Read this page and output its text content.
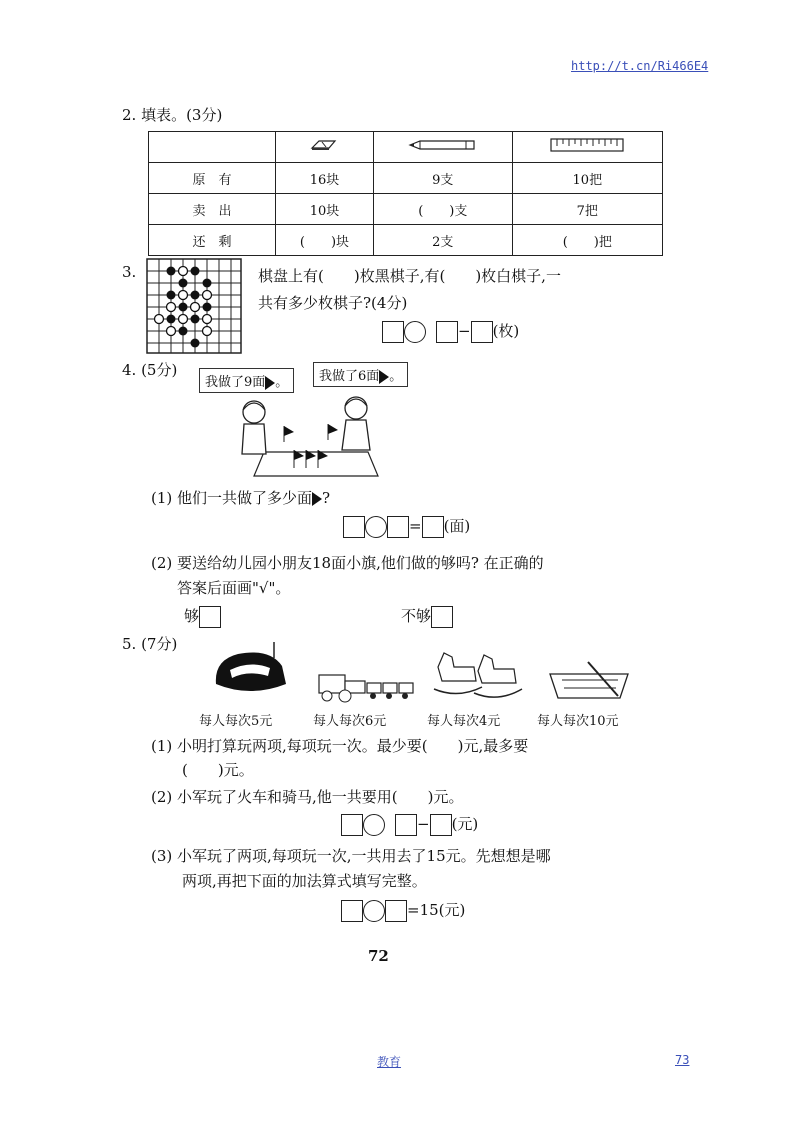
http://t.cn/Ri466E4
2. 填表。(3分)

原　有	16块	9支	10把
卖　出	10块	(　　)支	7把
还　剩	(　　)块	2支	(　　)把
3.	棋盘上有(　　)枚黑棋子,有(　　)枚白棋子,一
共有多少枚棋子?(4分)
− (枚)
4. (5分)
我做了9面 。	我做了6面 。
(1) 他们一共做了多少面 ?
= (面)
(2) 要送给幼儿园小朋友18面小旗,他们做的够吗? 在正确的
答案后面画"√"。
够	不够
5. (7分)
每人每次5元	每人每次6元	每人每次4元	每人每次10元
(1) 小明打算玩两项,每项玩一次。最少要(　　)元,最多要
(　　)元。
(2) 小军玩了火车和骑马,他一共要用(　　)元。
− (元)
(3) 小军玩了两项,每项玩一次,一共用去了15元。先想想是哪
两项,再把下面的加法算式填写完整。
=15(元)
72
教育	73
